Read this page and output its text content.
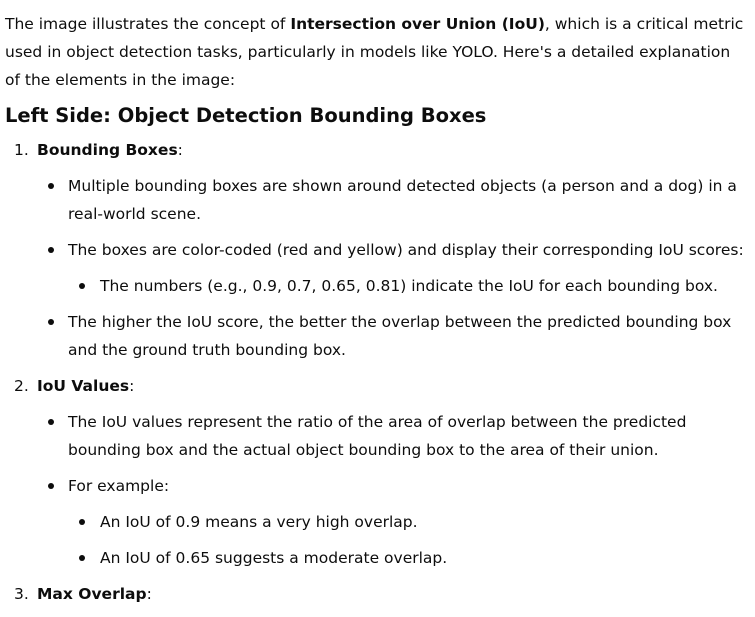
The image illustrates the concept of Intersection over Union (IoU), which is a critical metric used in object detection tasks, particularly in models like YOLO. Here's a detailed explanation of the elements in the image:

Left Side: Object Detection Bounding Boxes
1. Bounding Boxes:
Multiple bounding boxes are shown around detected objects (a person and a dog) in a real-world scene.
The boxes are color-coded (red and yellow) and display their corresponding IoU scores:
The numbers (e.g., 0.9, 0.7, 0.65, 0.81) indicate the IoU for each bounding box.
The higher the IoU score, the better the overlap between the predicted bounding box and the ground truth bounding box.
2. IoU Values:
The IoU values represent the ratio of the area of overlap between the predicted bounding box and the actual object bounding box to the area of their union.
For example:
An IoU of 0.9 means a very high overlap.
An IoU of 0.65 suggests a moderate overlap.
3. Max Overlap:
